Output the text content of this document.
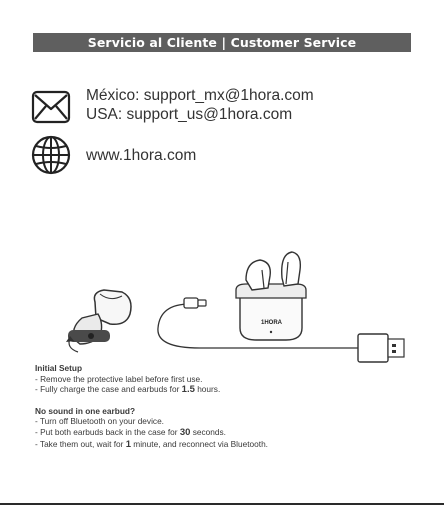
Servicio al Cliente | Customer Service
México: support_mx@1hora.com
USA: support_us@1hora.com
www.1hora.com
1HORA
Initial Setup
- Remove the protective label before first use.
- Fully charge the case and earbuds for 1.5 hours.
No sound in one earbud?
- Turn off Bluetooth on your device.
- Put both earbuds back in the case for 30 seconds.
- Take them out, wait for 1 minute, and reconnect via Bluetooth.
